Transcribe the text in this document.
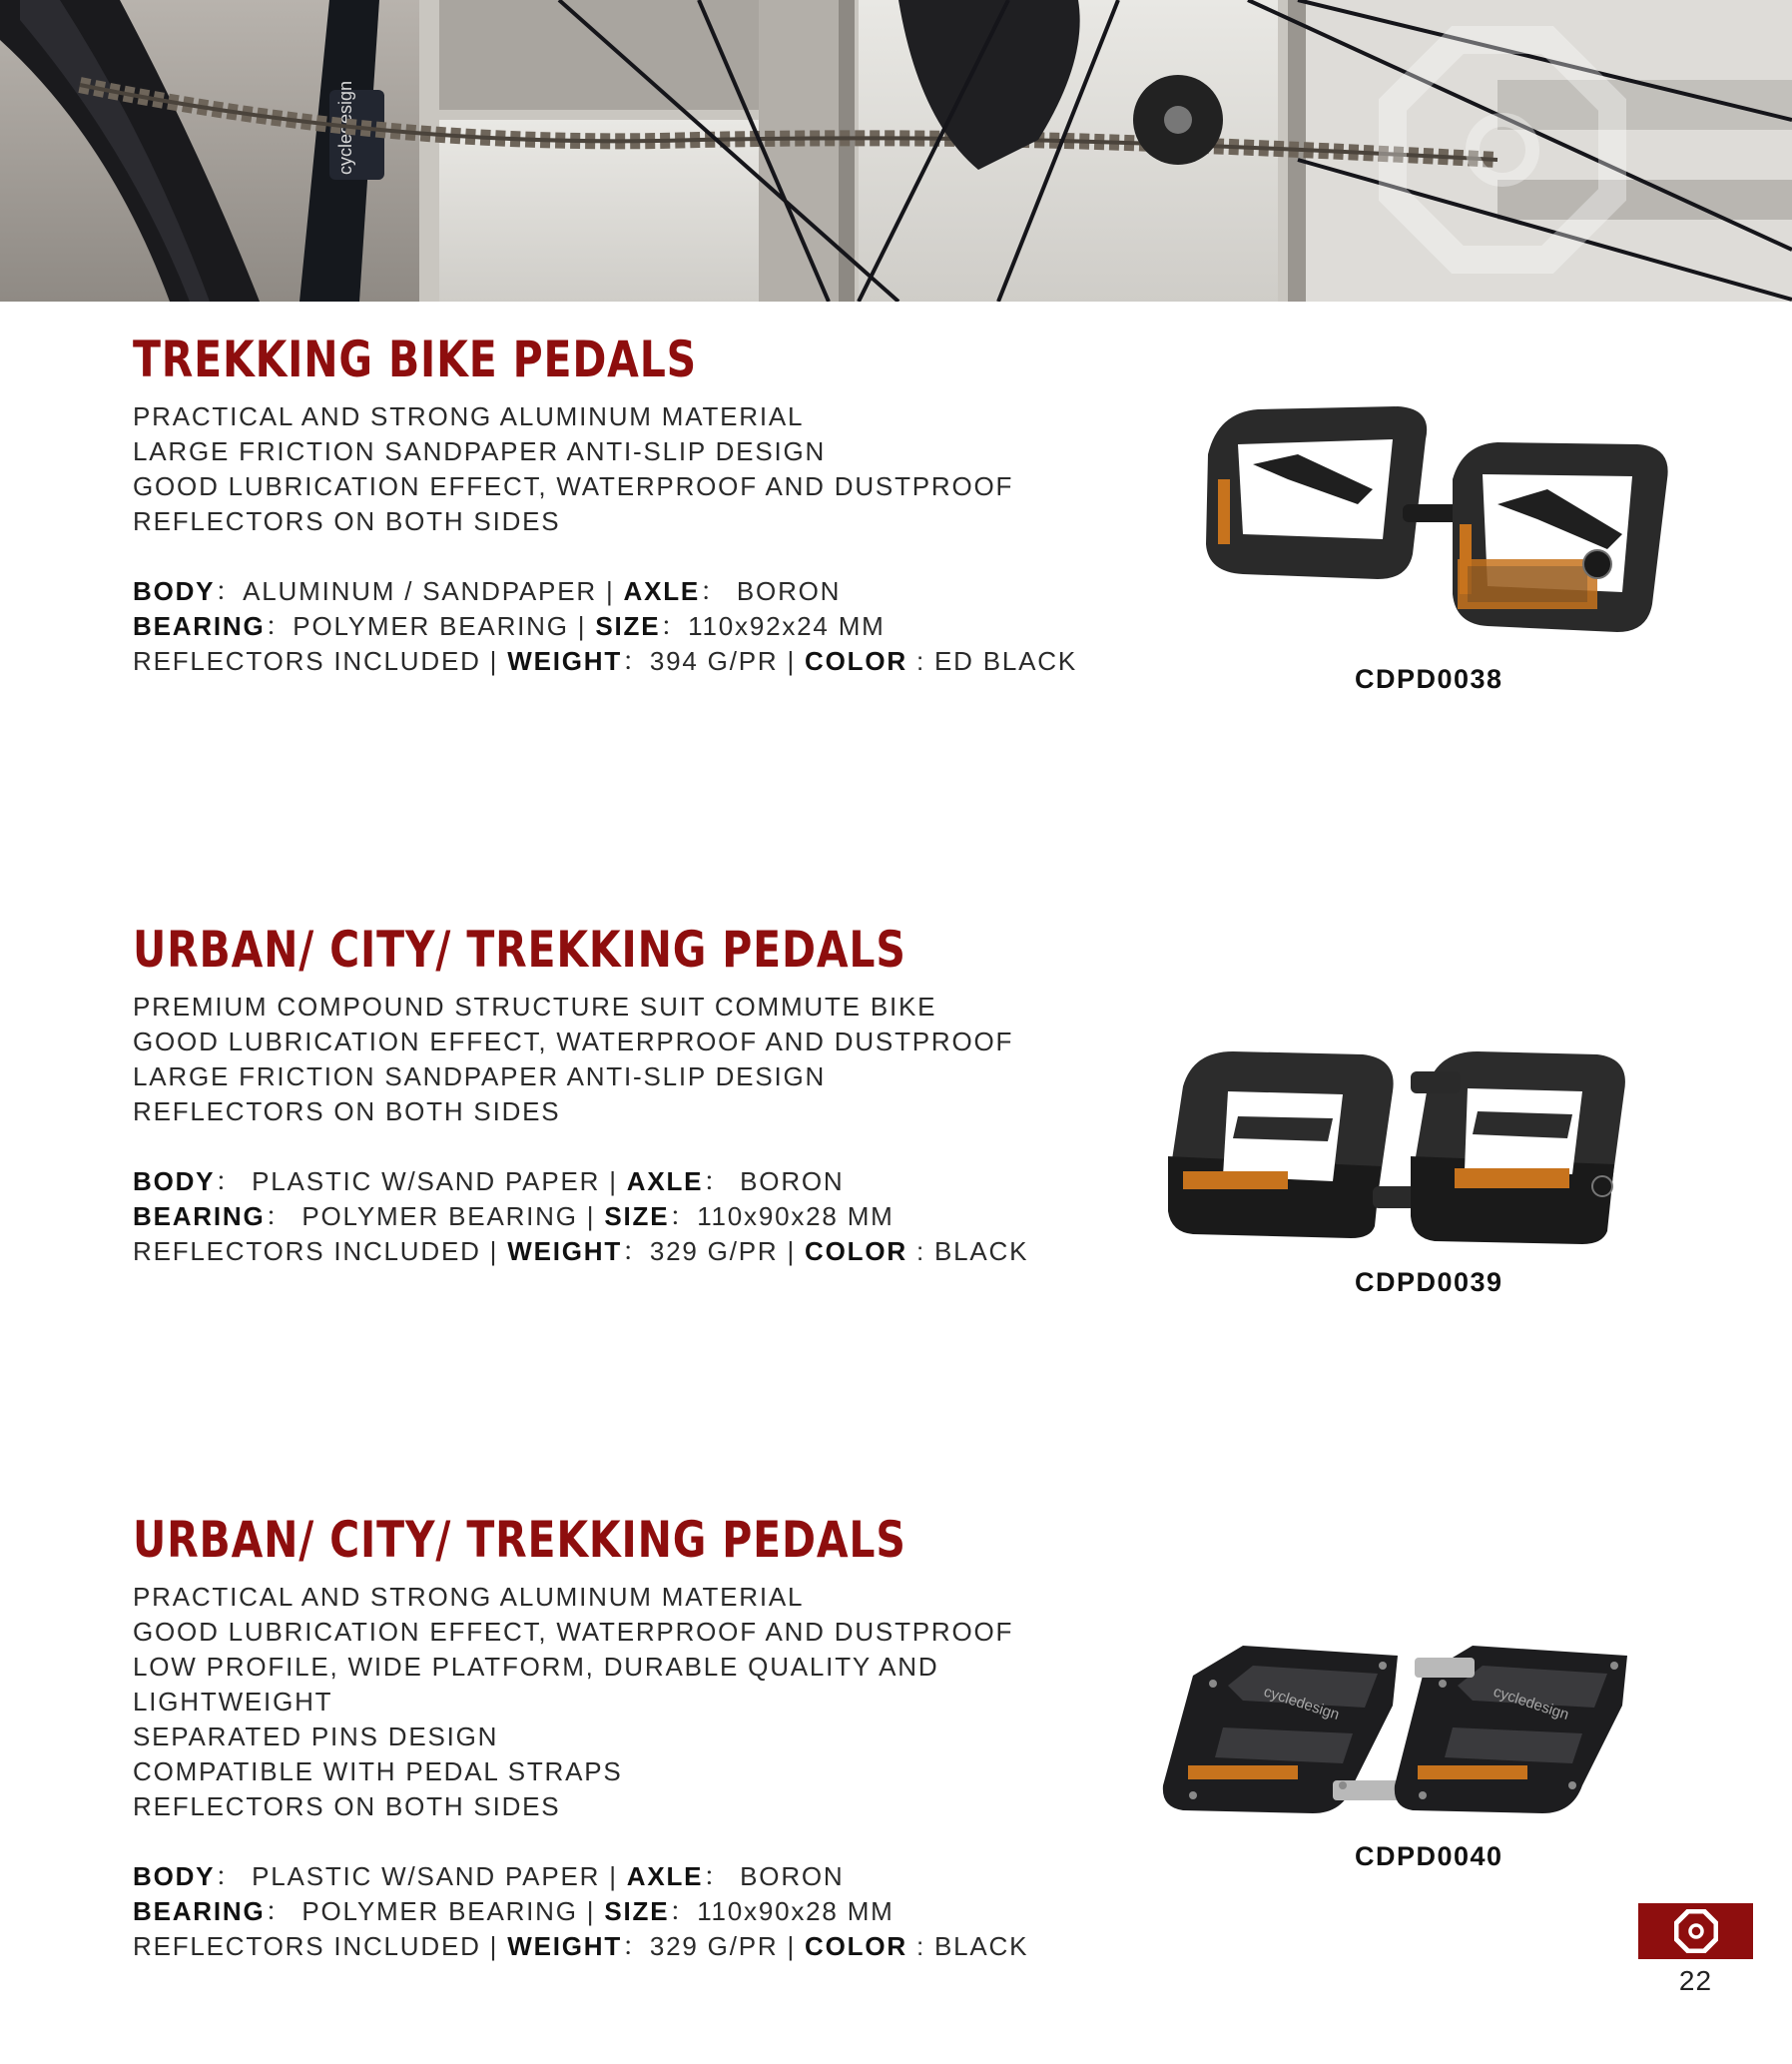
cycledesign
TREKKING BIKE PEDALS
PRACTICAL AND STRONG ALUMINUM MATERIAL
LARGE FRICTION SANDPAPER ANTI-SLIP DESIGN
GOOD LUBRICATION EFFECT, WATERPROOF AND DUSTPROOF
REFLECTORS ON BOTH SIDES
BODY：ALUMINUM / SANDPAPER | AXLE： BORON
BEARING：POLYMER BEARING | SIZE：110x92x24 MM
REFLECTORS INCLUDED | WEIGHT：394 G/PR | COLOR : ED BLACK
CDPD0038
URBAN/ CITY/ TREKKING PEDALS
PREMIUM COMPOUND STRUCTURE SUIT COMMUTE BIKE
GOOD LUBRICATION EFFECT, WATERPROOF AND DUSTPROOF
LARGE FRICTION SANDPAPER ANTI-SLIP DESIGN
REFLECTORS ON BOTH SIDES
BODY： PLASTIC W/SAND PAPER | AXLE： BORON
BEARING： POLYMER BEARING | SIZE：110x90x28 MM
REFLECTORS INCLUDED | WEIGHT：329 G/PR | COLOR : BLACK
CDPD0039
URBAN/ CITY/ TREKKING PEDALS
PRACTICAL AND STRONG ALUMINUM MATERIAL
GOOD LUBRICATION EFFECT, WATERPROOF AND DUSTPROOF
LOW PROFILE, WIDE PLATFORM, DURABLE QUALITY AND LIGHTWEIGHT
SEPARATED PINS DESIGN
COMPATIBLE WITH PEDAL STRAPS
REFLECTORS ON BOTH SIDES
BODY： PLASTIC W/SAND PAPER | AXLE： BORON
BEARING： POLYMER BEARING | SIZE：110x90x28 MM
REFLECTORS INCLUDED | WEIGHT：329 G/PR | COLOR : BLACK
cycledesign	cycledesign
CDPD0040
22
